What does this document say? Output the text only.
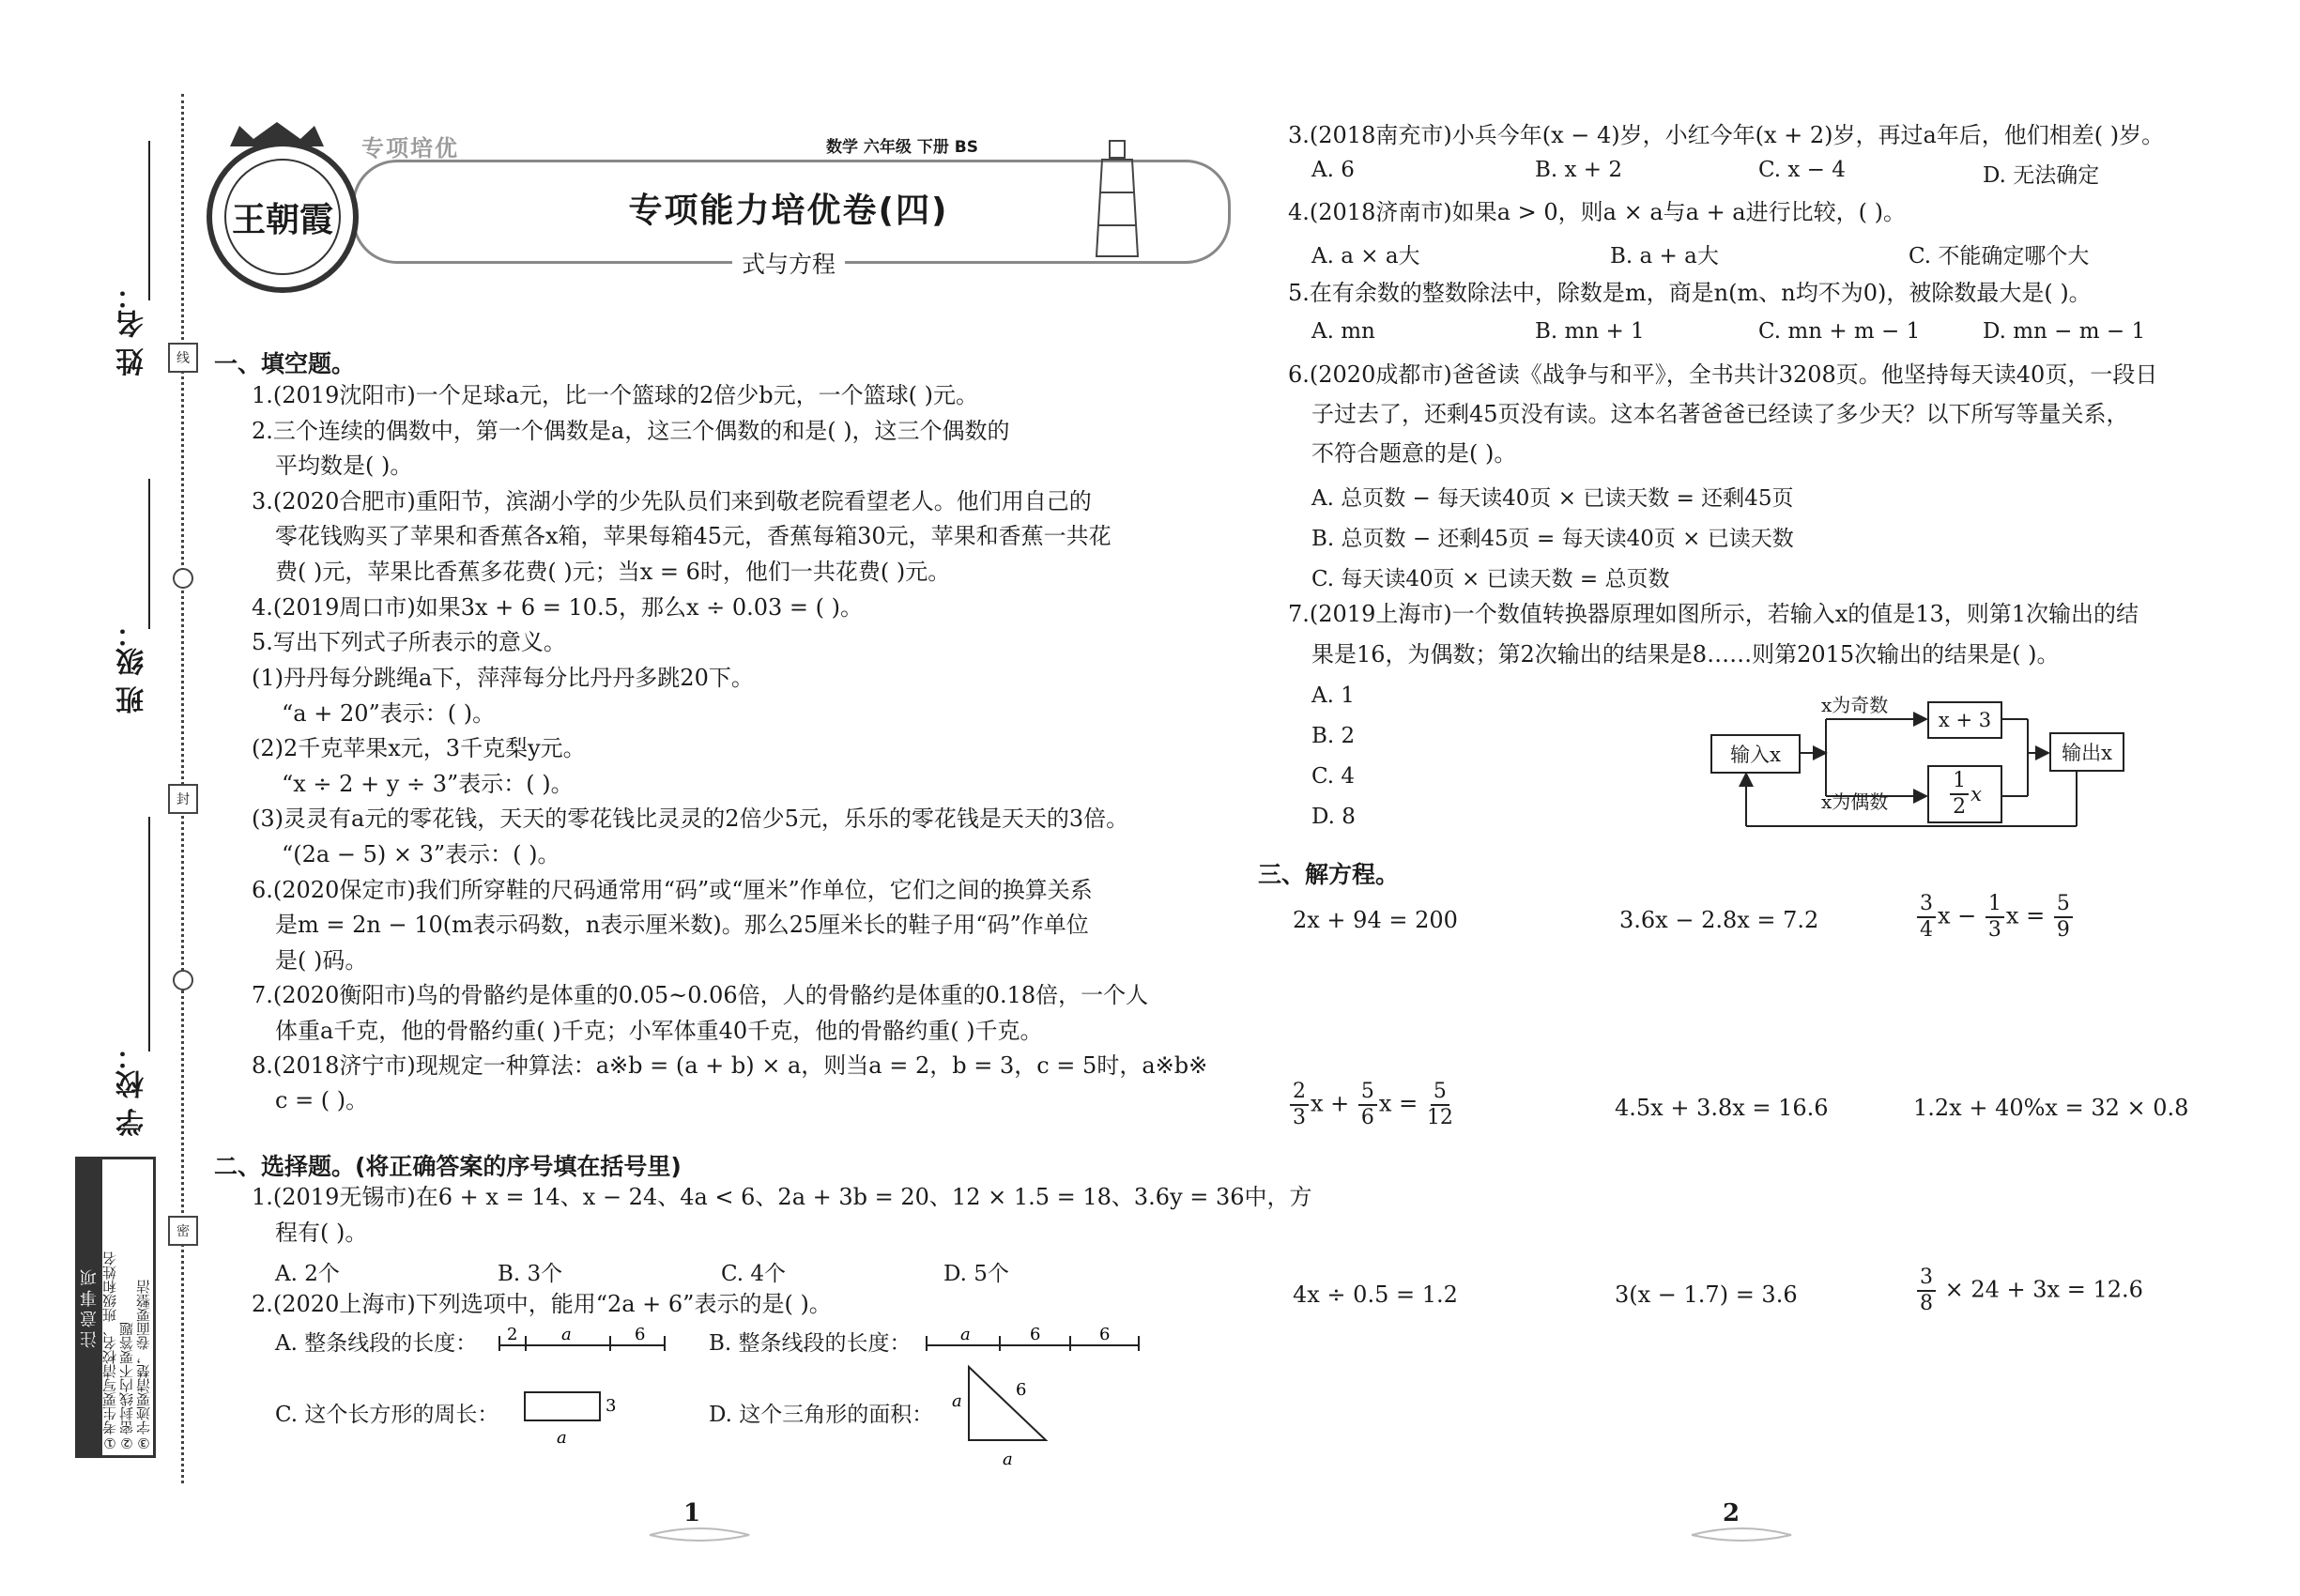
姓 名：
班 级：
学 校：
线
封
密
注意事项 ①考生要写清校名、班级和姓名 ②密封线内不要答题 ③字迹要清楚，卷面要整洁
王朝霞
专项培优	数学 六年级 下册 BS
专项能力培优卷(四)
式与方程
一、填空题。
1.(2019沈阳市)一个足球a元，比一个篮球的2倍少b元，一个篮球( )元。
2.三个连续的偶数中，第一个偶数是a，这三个偶数的和是( )，这三个偶数的
平均数是( )。
3.(2020合肥市)重阳节，滨湖小学的少先队员们来到敬老院看望老人。他们用自己的
零花钱购买了苹果和香蕉各x箱，苹果每箱45元，香蕉每箱30元，苹果和香蕉一共花
费( )元，苹果比香蕉多花费( )元；当x = 6时，他们一共花费( )元。
4.(2019周口市)如果3x + 6 = 10.5，那么x ÷ 0.03 = ( )。
5.写出下列式子所表示的意义。
(1)丹丹每分跳绳a下，萍萍每分比丹丹多跳20下。
“a + 20”表示：( )。
(2)2千克苹果x元，3千克梨y元。
“x ÷ 2 + y ÷ 3”表示：( )。
(3)灵灵有a元的零花钱，天天的零花钱比灵灵的2倍少5元，乐乐的零花钱是天天的3倍。
“(2a − 5) × 3”表示：( )。
6.(2020保定市)我们所穿鞋的尺码通常用“码”或“厘米”作单位，它们之间的换算关系
是m = 2n − 10(m表示码数，n表示厘米数)。那么25厘米长的鞋子用“码”作单位
是( )码。
7.(2020衡阳市)鸟的骨骼约是体重的0.05~0.06倍，人的骨骼约是体重的0.18倍，一个人
体重a千克，他的骨骼约重( )千克；小军体重40千克，他的骨骼约重( )千克。
8.(2018济宁市)现规定一种算法：a※b = (a + b) × a，则当a = 2，b = 3，c = 5时，a※b※
c = ( )。
二、选择题。(将正确答案的序号填在括号里)
1.(2019无锡市)在6 + x = 14、x − 24、4a < 6、2a + 3b = 20、12 × 1.5 = 18、3.6y = 36中，方
程有( )。
A. 2个	B. 3个	C. 4个	D. 5个
2.(2020上海市)下列选项中，能用“2a + 6”表示的是( )。
A. 整条线段的长度： 2	a	6	B. 整条线段的长度：	a	6	6
C. 这个长方形的周长：	3
a
D. 这个三角形的面积：
6
a
a
1
3.(2018南充市)小兵今年(x − 4)岁，小红今年(x + 2)岁，再过a年后，他们相差( )岁。
A. 6	B. x + 2	C. x − 4	D. 无法确定
4.(2018济南市)如果a > 0，则a × a与a + a进行比较，( )。
A. a × a大	B. a + a大	C. 不能确定哪个大
5.在有余数的整数除法中，除数是m，商是n(m、n均不为0)，被除数最大是( )。
A. mn	B. mn + 1	C. mn + m − 1	D. mn − m − 1
6.(2020成都市)爸爸读《战争与和平》，全书共计3208页。他坚持每天读40页，一段日
子过去了，还剩45页没有读。这本名著爸爸已经读了多少天？以下所写等量关系，
不符合题意的是( )。
A. 总页数 − 每天读40页 × 已读天数 = 还剩45页
B. 总页数 − 还剩45页 = 每天读40页 × 已读天数
C. 每天读40页 × 已读天数 = 总页数
7.(2019上海市)一个数值转换器原理如图所示，若输入x的值是13，则第1次输出的结
果是16，为偶数；第2次输出的结果是8……则第2015次输出的结果是( )。
A. 1
B. 2
C. 4
D. 8
输入x
x为奇数
x + 3
$\frac{1}{2}$ x
x为偶数
输出x
三、解方程。
2x + 94 = 200	3.6x − 2.8x = 7.2	$\frac{3}{4}$ $x - \frac{1}{3}$ $x = \frac{5}{9}$
$\frac{2}{3}$ $x + \frac{5}{6}$ $x = \frac{5}{12}$	4.5x + 3.8x = 16.6	1.2x + 40%x = 32 × 0.8
4x ÷ 0.5 = 1.2	3(x − 1.7) = 3.6	$\frac{3}{8} \times 24 + 3x = 12.6$
2
